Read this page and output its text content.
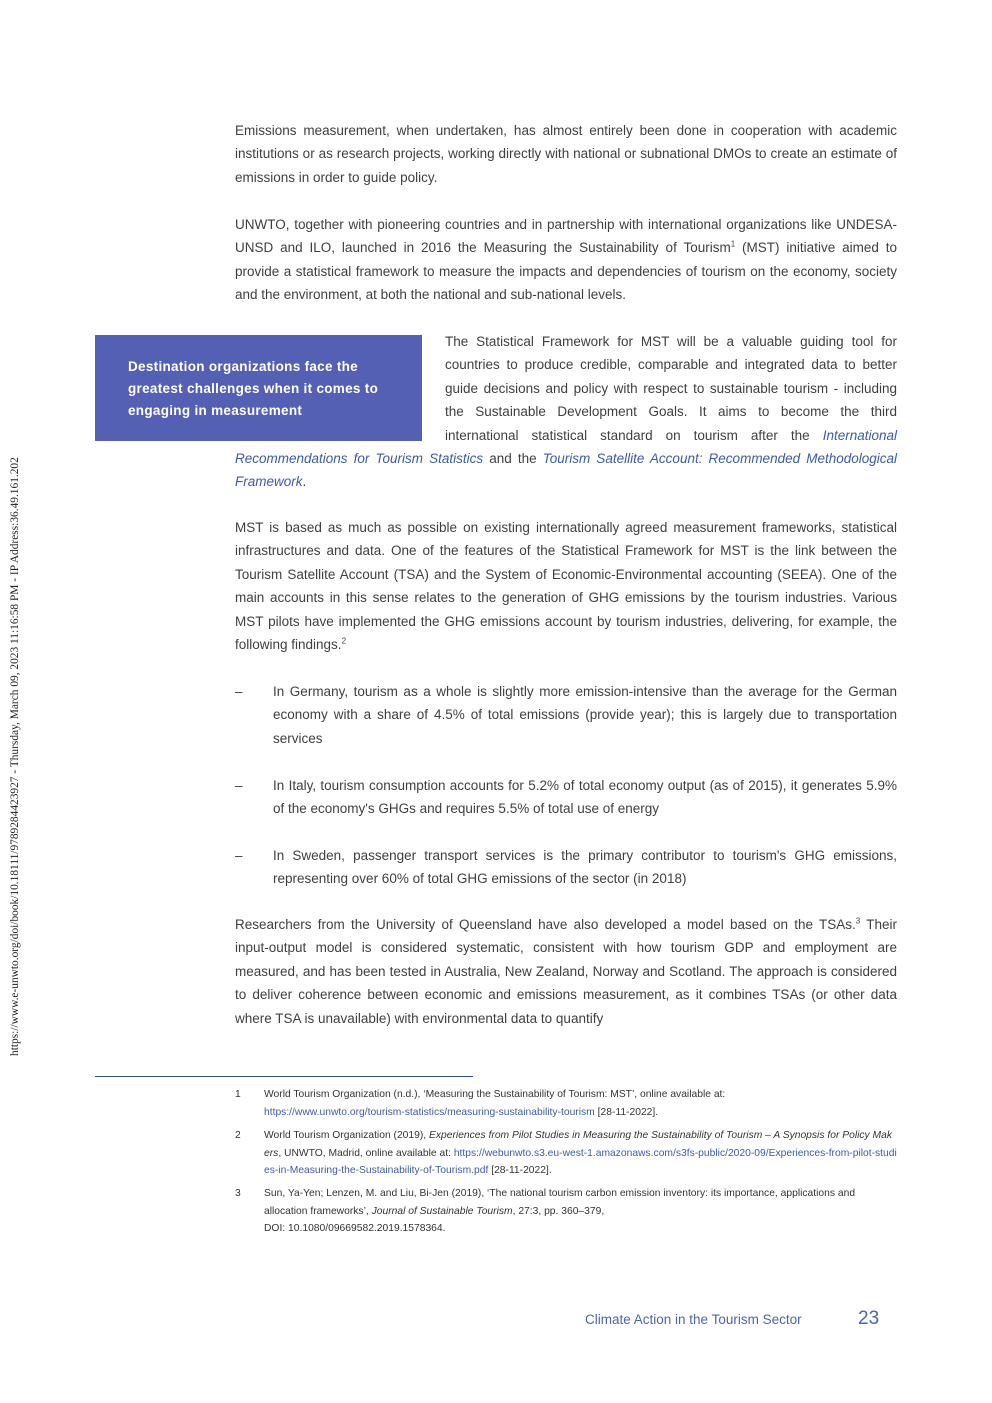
https://www.e-unwto.org/doi/book/10.18111/9789284423927 - Thursday, March 09, 2023 11:16:58 PM - IP Address:36.49.161.202

Emissions measurement, when undertaken, has almost entirely been done in cooperation with academic institutions or as research projects, working directly with national or subnational DMOs to create an estimate of emissions in order to guide policy.

UNWTO, together with pioneering countries and in partnership with international organizations like UNDESA-UNSD and ILO, launched in 2016 the Measuring the Sustainability of Tourism$^1$ (MST) initiative aimed to provide a statistical framework to measure the impacts and dependencies of tourism on the economy, society and the environment, at both the national and sub-national levels.

Destination organizations face the greatest challenges when it comes to engaging in measurement

The Statistical Framework for MST will be a valuable guiding tool for countries to produce credible, comparable and integrated data to better guide decisions and policy with respect to sustainable tourism - including the Sustainable Development Goals. It aims to become the third international statistical standard on tourism after the International Recommendations for Tourism Statistics and the Tourism Satellite Account: Recommended Methodological Framework.

MST is based as much as possible on existing internationally agreed measurement frameworks, statistical infrastructures and data. One of the features of the Statistical Framework for MST is the link between the Tourism Satellite Account (TSA) and the System of Economic-Environmental accounting (SEEA). One of the main accounts in this sense relates to the generation of GHG emissions by the tourism industries. Various MST pilots have implemented the GHG emissions account by tourism industries, delivering, for example, the following findings.$^2$

– In Germany, tourism as a whole is slightly more emission-intensive than the average for the German economy with a share of 4.5% of total emissions (provide year); this is largely due to transportation services
– In Italy, tourism consumption accounts for 5.2% of total economy output (as of 2015), it generates 5.9% of the economy's GHGs and requires 5.5% of total use of energy
– In Sweden, passenger transport services is the primary contributor to tourism's GHG emissions, representing over 60% of total GHG emissions of the sector (in 2018)

Researchers from the University of Queensland have also developed a model based on the TSAs.$^3$ Their input-output model is considered systematic, consistent with how tourism GDP and employment are measured, and has been tested in Australia, New Zealand, Norway and Scotland. The approach is considered to deliver coherence between economic and emissions measurement, as it combines TSAs (or other data where TSA is unavailable) with environmental data to quantify

1 World Tourism Organization (n.d.), ‘Measuring the Sustainability of Tourism: MST’, online available at:
https://www.unwto.org/tourism-statistics/measuring-sustainability-tourism [28-11-2022].
2 World Tourism Organization (2019), Experiences from Pilot Studies in Measuring the Sustainability of Tourism – A Synopsis for Policy Makers, UNWTO, Madrid, online available at: https://webunwto.s3.eu-west-1.amazonaws.com/s3fs-public/2020-09/Experiences-from-pilot-studies-in-Measuring-the-Sustainability-of-Tourism.pdf [28-11-2022].
3 Sun, Ya-Yen; Lenzen, M. and Liu, Bi-Jen (2019), ‘The national tourism carbon emission inventory: its importance, applications and allocation frameworks’, Journal of Sustainable Tourism, 27:3, pp. 360–379,
DOI: 10.1080/09669582.2019.1578364.
Climate Action in the Tourism Sector	23
